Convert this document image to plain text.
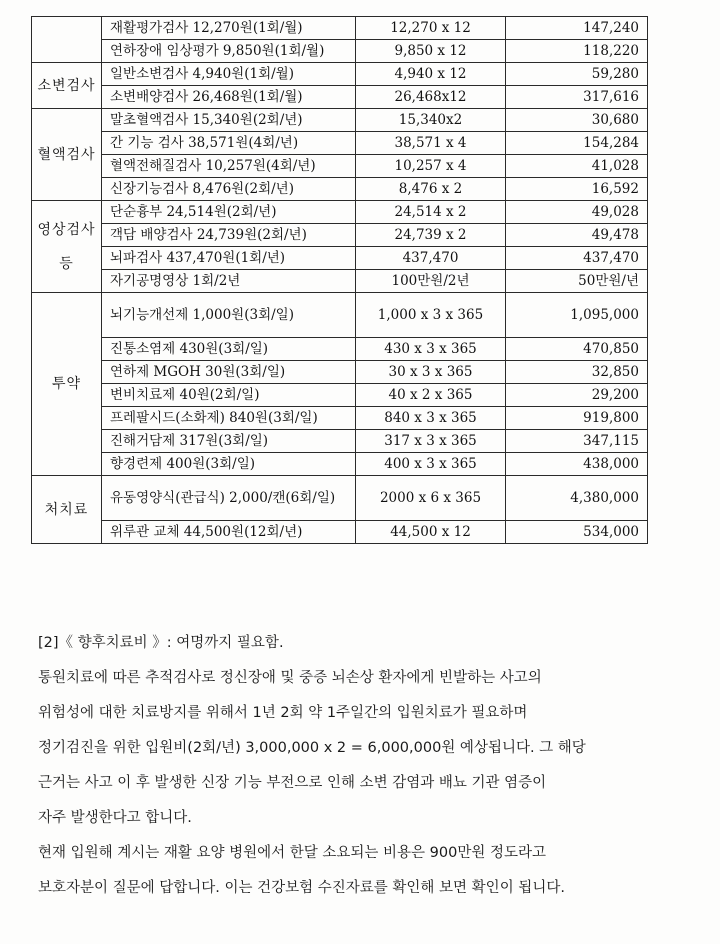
	재활평가검사 12,270원(1회/월)	12,270 x 12	147,240
	연하장애 임상평가 9,850원(1회/월)	9,850 x 12	118,220
소변검사	일반소변검사 4,940원(1회/월)	4,940 x 12	59,280
	소변배양검사 26,468원(1회/월)	26,468x12	317,616
혈액검사	말초혈액검사 15,340원(2회/년)	15,340x2	30,680
	간 기능 검사 38,571원(4회/년)	38,571 x 4	154,284
	혈액전해질검사 10,257원(4회/년)	10,257 x 4	41,028
	신장기능검사 8,476원(2회/년)	8,476 x 2	16,592
영상검사 등	단순흉부 24,514원(2회/년)	24,514 x 2	49,028
	객담 배양검사 24,739원(2회/년)	24,739 x 2	49,478
	뇌파검사 437,470원(1회/년)	437,470	437,470
	자기공명영상 1회/2년	100만원/2년	50만원/년
투약	뇌기능개선제 1,000원(3회/일)	1,000 x 3 x 365	1,095,000
	진통소염제 430원(3회/일)	430 x 3 x 365	470,850
	연하제 MGOH 30원(3회/일)	30 x 3 x 365	32,850
	변비치료제 40원(2회/일)	40 x 2 x 365	29,200
	프레팔시드(소화제) 840원(3회/일)	840 x 3 x 365	919,800
	진해거담제 317원(3회/일)	317 x 3 x 365	347,115
	향경련제 400원(3회/일)	400 x 3 x 365	438,000
처치료	유동영양식(관급식) 2,000/캔(6회/일)	2000 x 6 x 365	4,380,000
	위루관 교체 44,500원(12회/년)	44,500 x 12	534,000

[2]《 향후치료비 》: 여명까지 필요함.

통원치료에 따른 추적검사로 정신장애 및 중증 뇌손상 환자에게 빈발하는 사고의

위험성에 대한 치료방지를 위해서 1년 2회 약 1주일간의 입원치료가 필요하며

정기검진을 위한 입원비(2회/년) 3,000,000 x 2 = 6,000,000원 예상됩니다. 그 해당

근거는 사고 이 후 발생한 신장 기능 부전으로 인해 소변 감염과 배뇨 기관 염증이

자주 발생한다고 합니다.

현재 입원해 계시는 재활 요양 병원에서 한달 소요되는 비용은 900만원 정도라고

보호자분이 질문에 답합니다. 이는 건강보험 수진자료를 확인해 보면 확인이 됩니다.
